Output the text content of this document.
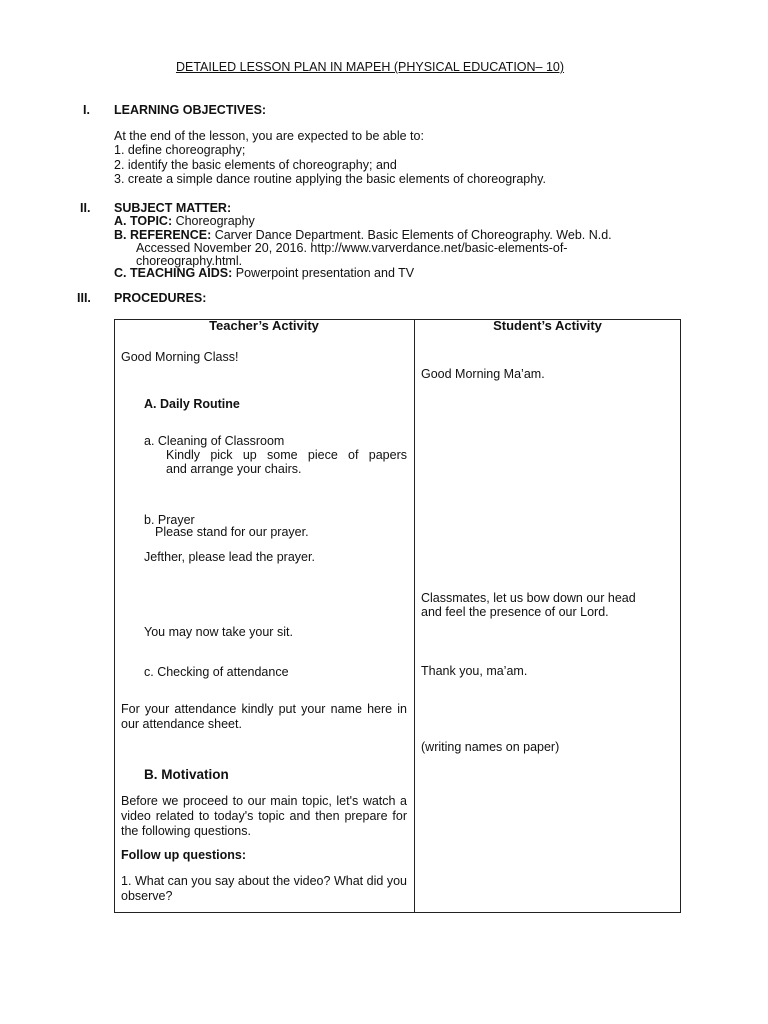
DETAILED LESSON PLAN IN MAPEH (PHYSICAL EDUCATION– 10)
I. LEARNING OBJECTIVES:
At the end of the lesson, you are expected to be able to:
1. define choreography;
2. identify the basic elements of choreography; and
3. create a simple dance routine applying the basic elements of choreography.
II. SUBJECT MATTER:
A. TOPIC: Choreography
B. REFERENCE: Carver Dance Department. Basic Elements of Choreography. Web. N.d.
Accessed November 20, 2016. http://www.varverdance.net/basic-elements-of-
choreography.html.
C. TEACHING AIDS: Powerpoint presentation and TV
III. PROCEDURES:
Teacher’s Activity	Student’s Activity
Good Morning Class!
A. Daily Routine
a. Cleaning of Classroom
Kindly pick up some piece of papers
and arrange your chairs.
b. Prayer
Please stand for our prayer.
Jefther, please lead the prayer.
You may now take your sit.
c. Checking of attendance
For your attendance kindly put your name here in our attendance sheet.
B. Motivation
Before we proceed to our main topic, let's watch a video related to today's topic and then prepare for the following questions.
Follow up questions:
1. What can you say about the video? What did you observe?
Good Morning Ma’am.
Classmates, let us bow down our head
and feel the presence of our Lord.
Thank you, ma’am.
(writing names on paper)
